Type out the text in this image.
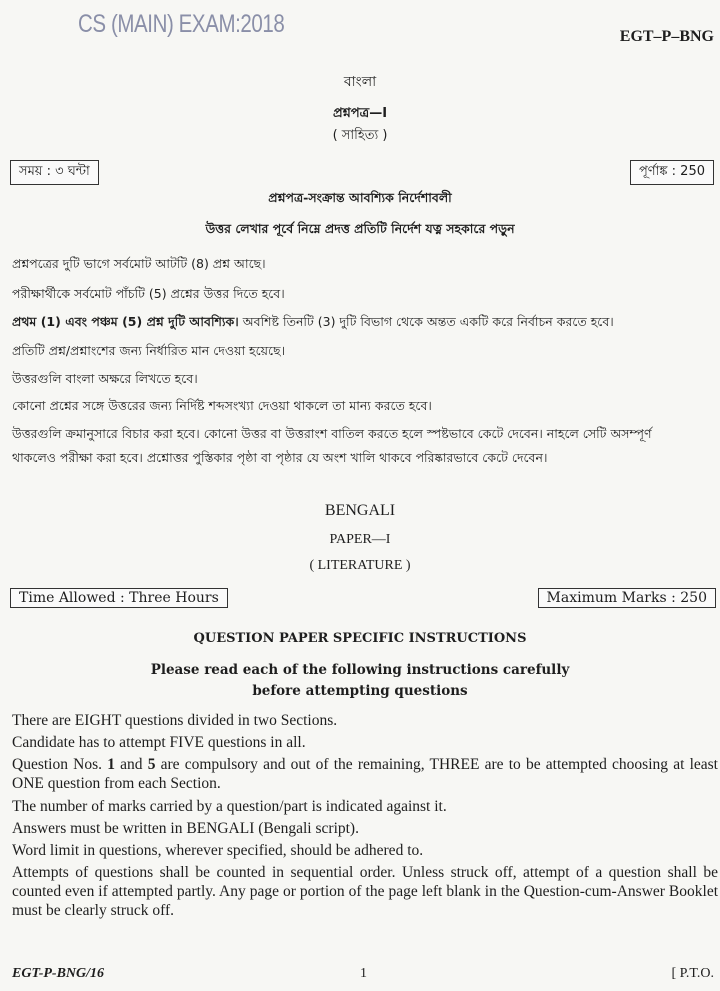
CS (MAIN) EXAM:2018	EGT–P–BNG
বাংলা
প্রশ্নপত্র—I
( সাহিত্য )
সময় : ৩ ঘন্টা	পূর্ণাঙ্ক : 250
প্রশ্নপত্র-সংক্রান্ত আবশ্যিক নির্দেশাবলী
উত্তর লেখার পূর্বে নিম্নে প্রদত্ত প্রতিটি নির্দেশ যত্ন সহকারে পড়ুন
প্রশ্নপত্রের দুটি ভাগে সর্বমোট আটটি (8) প্রশ্ন আছে।
পরীক্ষার্থীকে সর্বমোট পাঁচটি (5) প্রশ্নের উত্তর দিতে হবে।
প্রথম (1) এবং পঞ্চম (5) প্রশ্ন দুটি আবশ্যিক। অবশিষ্ট তিনটি (3) দুটি বিভাগ থেকে অন্তত একটি করে নির্বাচন করতে হবে।
প্রতিটি প্রশ্ন/প্রশ্নাংশের জন্য নির্ধারিত মান দেওয়া হয়েছে।
উত্তরগুলি বাংলা অক্ষরে লিখতে হবে।
কোনো প্রশ্নের সঙ্গে উত্তরের জন্য নির্দিষ্ট শব্দসংখ্যা দেওয়া থাকলে তা মান্য করতে হবে।
উত্তরগুলি ক্রমানুসারে বিচার করা হবে। কোনো উত্তর বা উত্তরাংশ বাতিল করতে হলে স্পষ্টভাবে কেটে দেবেন। নাহলে সেটি অসম্পূর্ণ
থাকলেও পরীক্ষা করা হবে। প্রশ্নোত্তর পুস্তিকার পৃষ্ঠা বা পৃষ্ঠার যে অংশ খালি থাকবে পরিষ্কারভাবে কেটে দেবেন।
BENGALI
PAPER—I
( LITERATURE )
Time Allowed : Three Hours	Maximum Marks : 250
QUESTION PAPER SPECIFIC INSTRUCTIONS
Please read each of the following instructions carefully
before attempting questions
There are EIGHT questions divided in two Sections.
Candidate has to attempt FIVE questions in all.
Question Nos. 1 and 5 are compulsory and out of the remaining, THREE are to be attempted choosing at least ONE question from each Section.
The number of marks carried by a question/part is indicated against it.
Answers must be written in BENGALI (Bengali script).
Word limit in questions, wherever specified, should be adhered to.
Attempts of questions shall be counted in sequential order. Unless struck off, attempt of a question shall be counted even if attempted partly. Any page or portion of the page left blank in the Question-cum-Answer Booklet must be clearly struck off.
EGT-P-BNG/16	1	[ P.T.O.
